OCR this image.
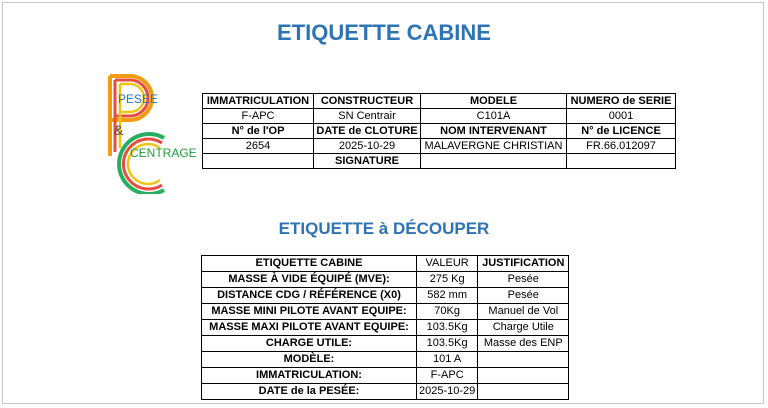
ETIQUETTE CABINE
PESEE
&
CENTRAGE
IMMATRICULATION	CONSTRUCTEUR	MODELE	NUMERO de SERIE
F-APC	SN Centrair	C101A	0001
N° de l'OP	DATE de CLOTURE	NOM INTERVENANT	N° de LICENCE
2654	2025-10-29	MALAVERGNE CHRISTIAN	FR.66.012097
	SIGNATURE		
ETIQUETTE à DÉCOUPER
ETIQUETTE CABINE	VALEUR	JUSTIFICATION
MASSE À VIDE ÉQUIPÉ (MVE):	275 Kg	Pesée
DISTANCE CDG / RÉFÉRENCE (X0)	582 mm	Pesée
MASSE MINI PILOTE AVANT EQUIPE:	70Kg	Manuel de Vol
MASSE MAXI PILOTE AVANT EQUIPE:	103.5Kg	Charge Utile
CHARGE UTILE:	103.5Kg	Masse des ENP
MODÈLE:	101 A	
IMMATRICULATION:	F-APC	
DATE de la PESÉE:	2025-10-29	
